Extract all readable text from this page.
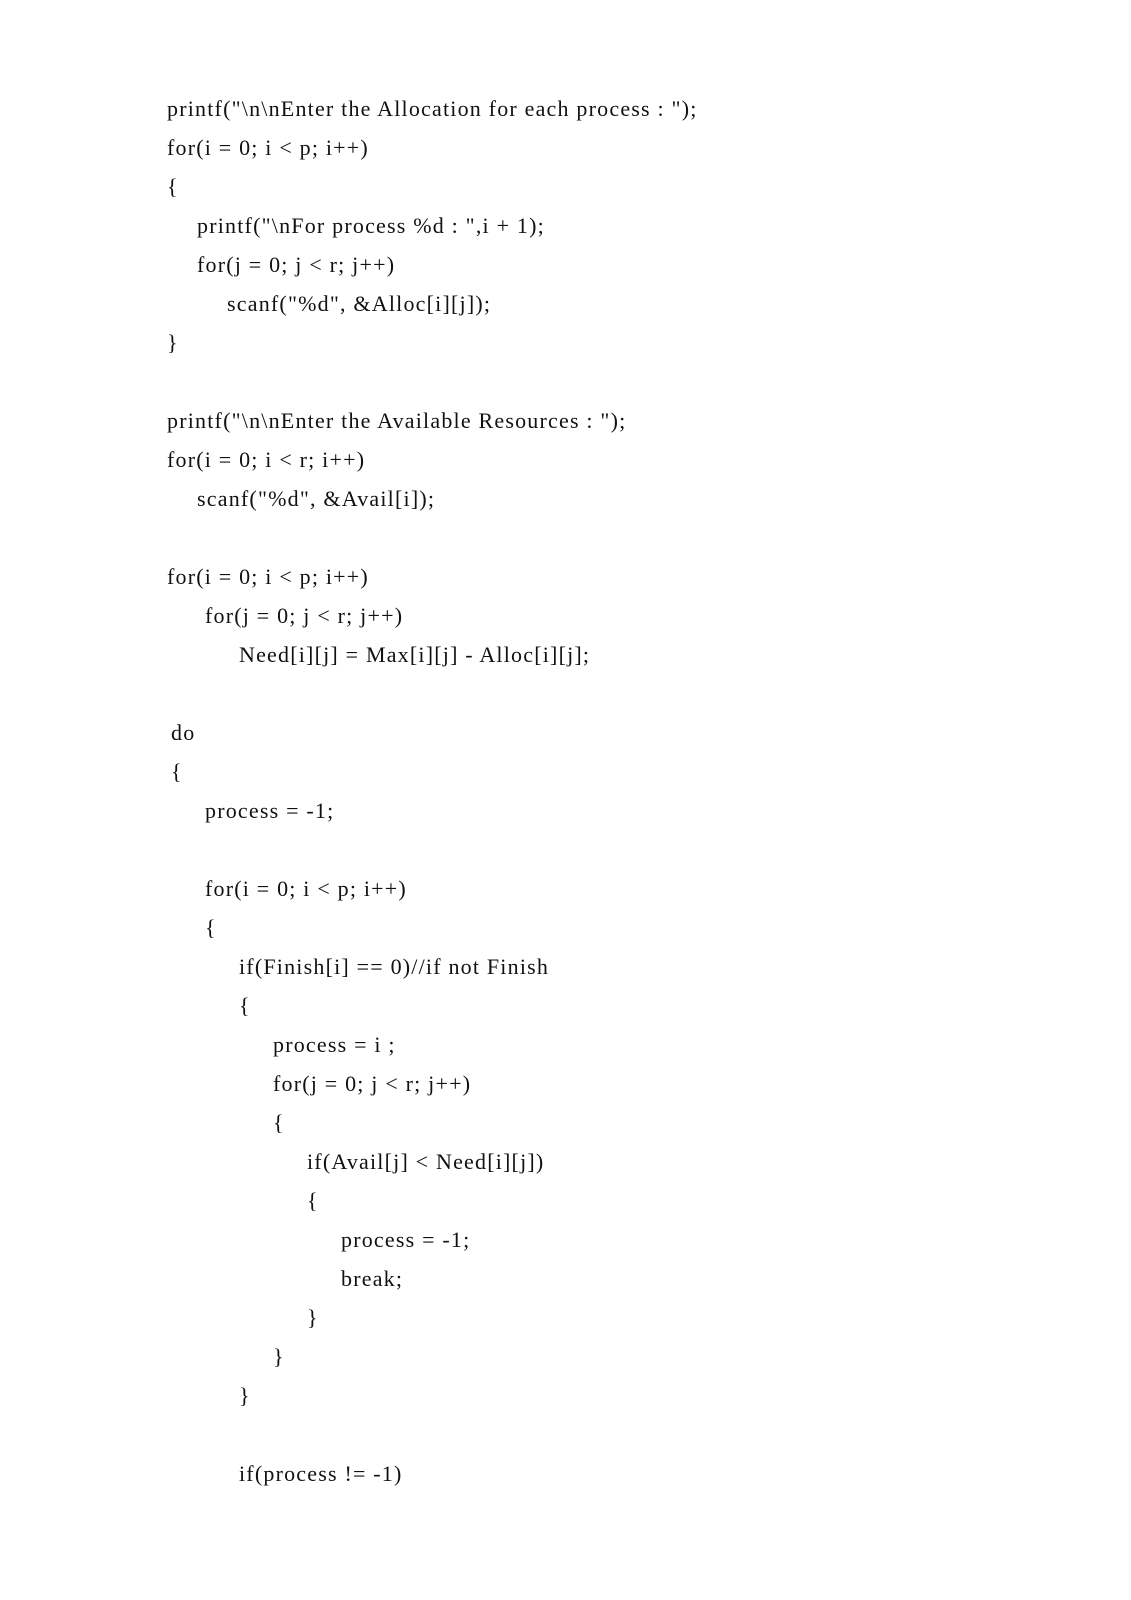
printf("\n\nEnter the Allocation for each process : ");
for(i = 0; i < p; i++)
{
printf("\nFor process %d : ",i + 1);
for(j = 0; j < r; j++)
scanf("%d", &Alloc[i][j]);
}
printf("\n\nEnter the Available Resources : ");
for(i = 0; i < r; i++)
scanf("%d", &Avail[i]);
for(i = 0; i < p; i++)
for(j = 0; j < r; j++)
Need[i][j] = Max[i][j] - Alloc[i][j];
do
{
process = -1;
for(i = 0; i < p; i++)
{
if(Finish[i] == 0)//if not Finish
{
process = i ;
for(j = 0; j < r; j++)
{
if(Avail[j] < Need[i][j])
{
process = -1;
break;
}
}
}
if(process != -1)
